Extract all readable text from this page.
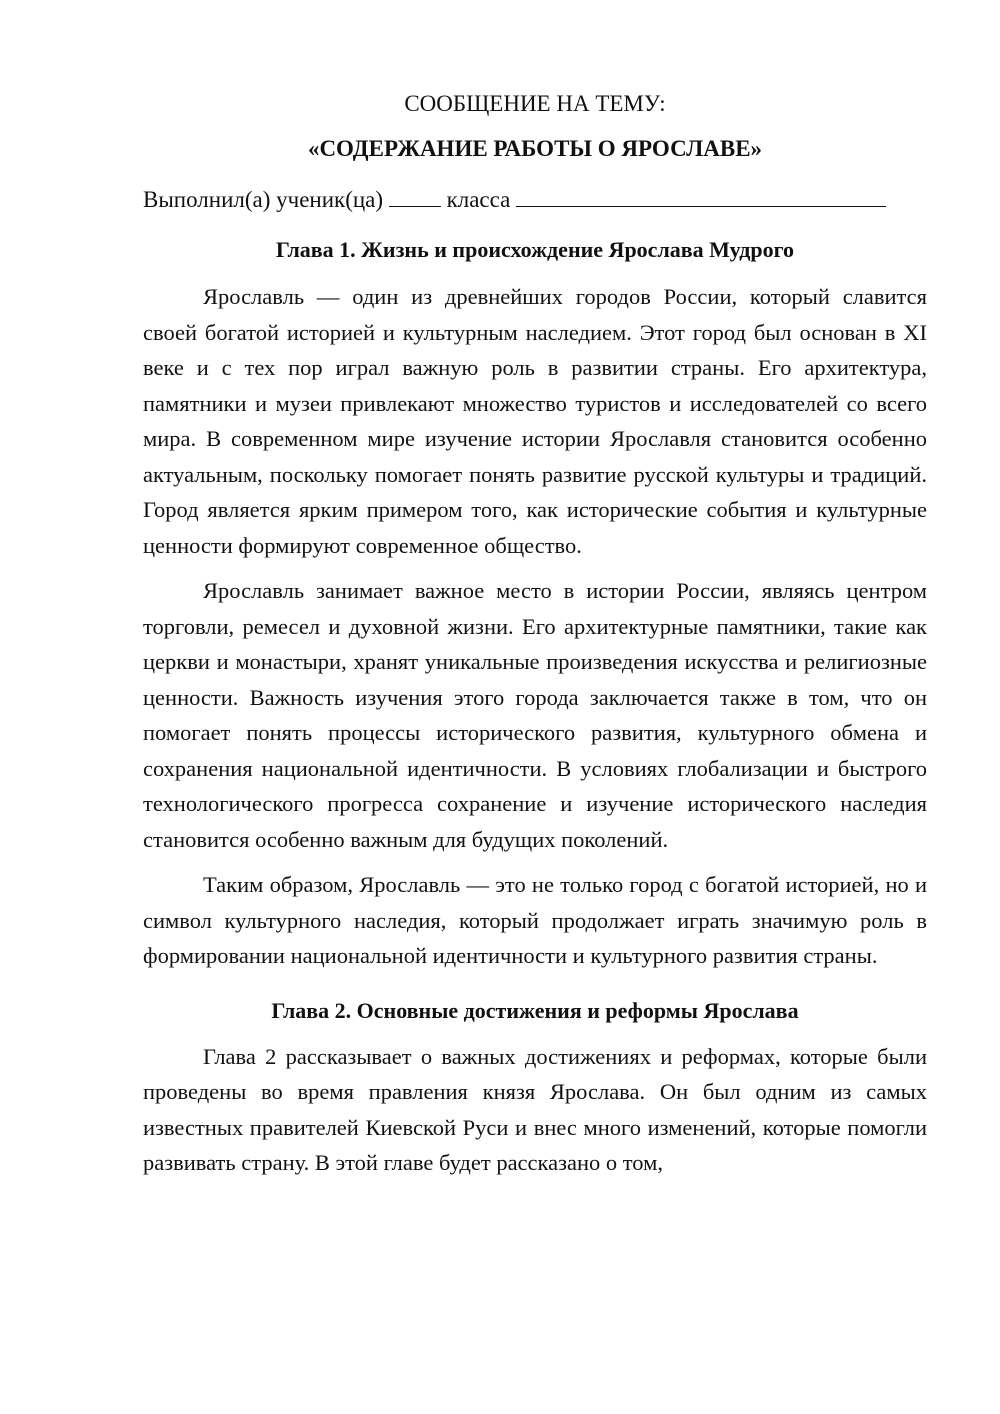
СООБЩЕНИЕ НА ТЕМУ:

«СОДЕРЖАНИЕ РАБОТЫ О ЯРОСЛАВЕ»

Выполнил(а) ученик(ца)	класса
Глава 1. Жизнь и происхождение Ярослава Мудрого

Ярославль — один из древнейших городов России, который славится своей богатой историей и культурным наследием. Этот город был основан в XI веке и с тех пор играл важную роль в развитии страны. Его архитектура, памятники и музеи привлекают множество туристов и исследователей со всего мира. В современном мире изучение истории Ярославля становится особенно актуальным, поскольку помогает понять развитие русской культуры и традиций. Город является ярким примером того, как исторические события и культурные ценности формируют современное общество.

Ярославль занимает важное место в истории России, являясь центром торговли, ремесел и духовной жизни. Его архитектурные памятники, такие как церкви и монастыри, хранят уникальные произведения искусства и религиозные ценности. Важность изучения этого города заключается также в том, что он помогает понять процессы исторического развития, культурного обмена и сохранения национальной идентичности. В условиях глобализации и быстрого технологического прогресса сохранение и изучение исторического наследия становится особенно важным для будущих поколений.

Таким образом, Ярославль — это не только город с богатой историей, но и символ культурного наследия, который продолжает играть значимую роль в формировании национальной идентичности и культурного развития страны.

Глава 2. Основные достижения и реформы Ярослава

Глава 2 рассказывает о важных достижениях и реформах, которые были проведены во время правления князя Ярослава. Он был одним из самых известных правителей Киевской Руси и внес много изменений, которые помогли развивать страну. В этой главе будет рассказано о том,
